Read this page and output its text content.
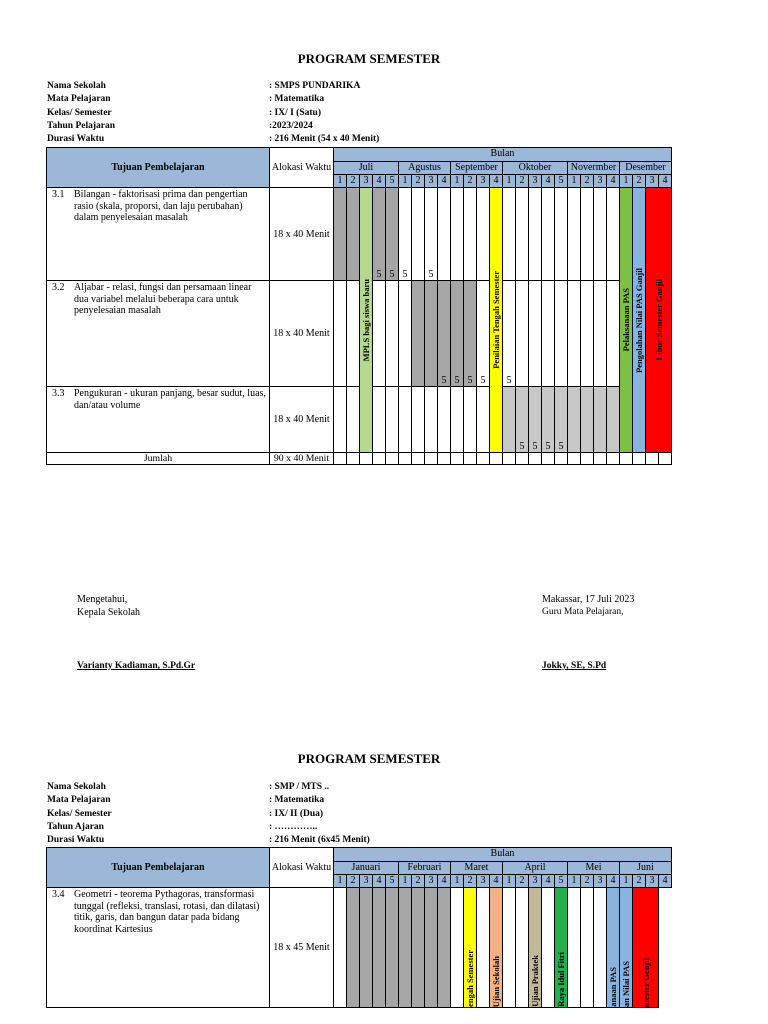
PROGRAM SEMESTER
Nama Sekolah	: SMPS PUNDARIKA
Mata Pelajaran	: Matematika
Kelas/ Semester	: IX/ I (Satu)
Tahun Pelajaran	:2023/2024
Durasi Waktu	: 216 Menit (54 x 40 Menit)
Tujuan Pembelajaran	Alokasi Waktu	Bulan																									
		Juli					Agustus				September				Oktober					Novermber				Desember			
		1	2	3	4	5	1	2	3	4	1	2	3	4	1	2	3	4	5	1	2	3	4	1	2	3	4

3.1 Bilangan - faktorisasi prima dan pengertian rasio (skala, proporsi, dan laju perubahan) dalam penyelesaian masalah	18 x 40 Menit			MPLS bagi siswa baru	5	5	5		5					Penilaian Tengah Semester										Pelaksanaan PAS	Pengolahan Nilai PAS Ganjil	Libur Semester Ganjil	

3.2 Aljabar - relasi, fungsi dan persamaan linear dua variabel melalui beberapa cara untuk penyelesaian masalah	18 x 40 Menit									5	5	5	5		5												

3.3 Pengukuran - ukuran panjang, besar sudut, luas, dan/atau volume	18 x 40 Menit															5	5	5	5								
Jumlah	90 x 40 Menit																										
Mengetahui,
Kepala Sekolah
Makassar, 17 Juli 2023
Guru Mata Pelajaran,
Varianty Kadiaman, S.Pd.Gr	Jokky, SE, S.Pd
PROGRAM SEMESTER
Nama Sekolah	: SMP / MTS ..
Mata Pelajaran	: Matematika
Kelas/ Semester	: IX/ II (Dua)
Tahun Ajaran	: …………..
Durasi Waktu	: 216 Menit (6x45 Menit)
Tujuan Pembelajaran	Alokasi Waktu	Bulan																									
		Januari					Februari				Maret				April					Mei				Juni			
		1	2	3	4	5	1	2	3	4	1	2	3	4	1	2	3	4	5	1	2	3	4	1	2	3	4

3.4 Geometri - teorema Pythagoras, transformasi tunggal (refleksi, translasi, rotasi, dan dilatasi) titik, garis, dan bangun datar pada bidang koordinat Kartesius	18 x 45 Menit											engah Semester		Ujian Sekolah			Ujian Praktek		Raya Idul Fitri				anaan PAS	an Nilai PAS	mester Genjil		
